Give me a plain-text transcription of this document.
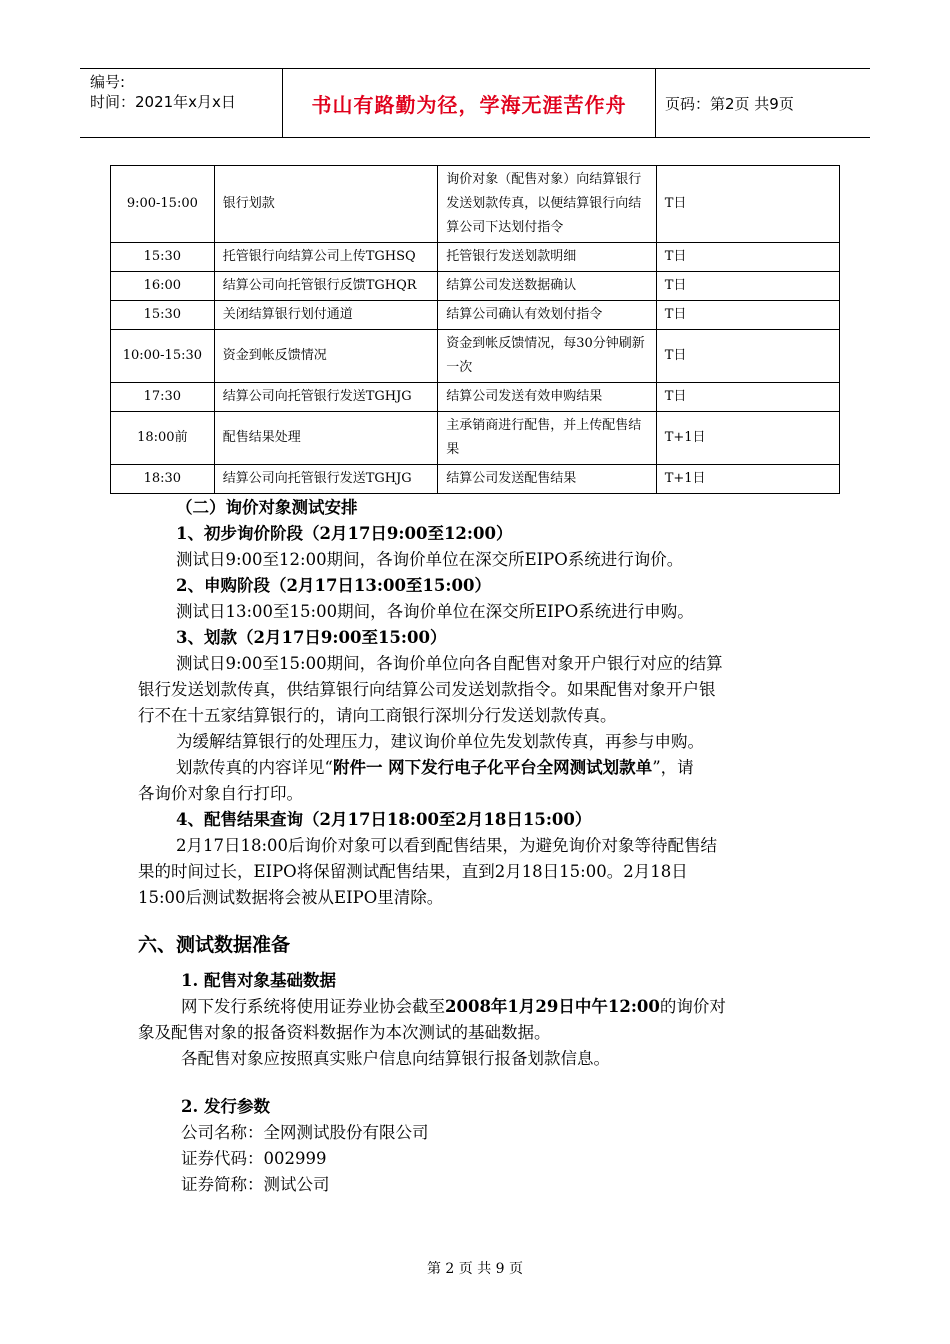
编号:
时间：2021年x月x日	书山有路勤为径，学海无涯苦作舟	页码：第2页 共9页
9:00-15:00	银行划款	询价对象（配售对象）向结算银行发送划款传真，以便结算银行向结算公司下达划付指令	T日
15:30	托管银行向结算公司上传TGHSQ	托管银行发送划款明细	T日
16:00	结算公司向托管银行反馈TGHQR	结算公司发送数据确认	T日
15:30	关闭结算银行划付通道	结算公司确认有效划付指令	T日
10:00-15:30	资金到帐反馈情况	资金到帐反馈情况，每30分钟刷新一次	T日
17:30	结算公司向托管银行发送TGHJG	结算公司发送有效申购结果	T日
18:00前	配售结果处理	主承销商进行配售，并上传配售结果	T+1日
18:30	结算公司向托管银行发送TGHJG	结算公司发送配售结果	T+1日
（二）询价对象测试安排
1、初步询价阶段（2月17日9:00至12:00）
测试日9:00至12:00期间，各询价单位在深交所EIPO系统进行询价。
2、申购阶段（2月17日13:00至15:00）
测试日13:00至15:00期间，各询价单位在深交所EIPO系统进行申购。
3、划款（2月17日9:00至15:00）
测试日9:00至15:00期间，各询价单位向各自配售对象开户银行对应的结算
银行发送划款传真，供结算银行向结算公司发送划款指令。如果配售对象开户银
行不在十五家结算银行的，请向工商银行深圳分行发送划款传真。
为缓解结算银行的处理压力，建议询价单位先发划款传真，再参与申购。
划款传真的内容详见“附件一 网下发行电子化平台全网测试划款单”，请
各询价对象自行打印。
4、配售结果查询（2月17日18:00至2月18日15:00）
2月17日18:00后询价对象可以看到配售结果，为避免询价对象等待配售结
果的时间过长，EIPO将保留测试配售结果，直到2月18日15:00。2月18日
15:00后测试数据将会被从EIPO里清除。
六、测试数据准备
1. 配售对象基础数据
网下发行系统将使用证券业协会截至2008年1月29日中午12:00的询价对
象及配售对象的报备资料数据作为本次测试的基础数据。
各配售对象应按照真实账户信息向结算银行报备划款信息。
2. 发行参数
公司名称：全网测试股份有限公司
证券代码：002999
证券简称：测试公司
第 2 页 共 9 页
